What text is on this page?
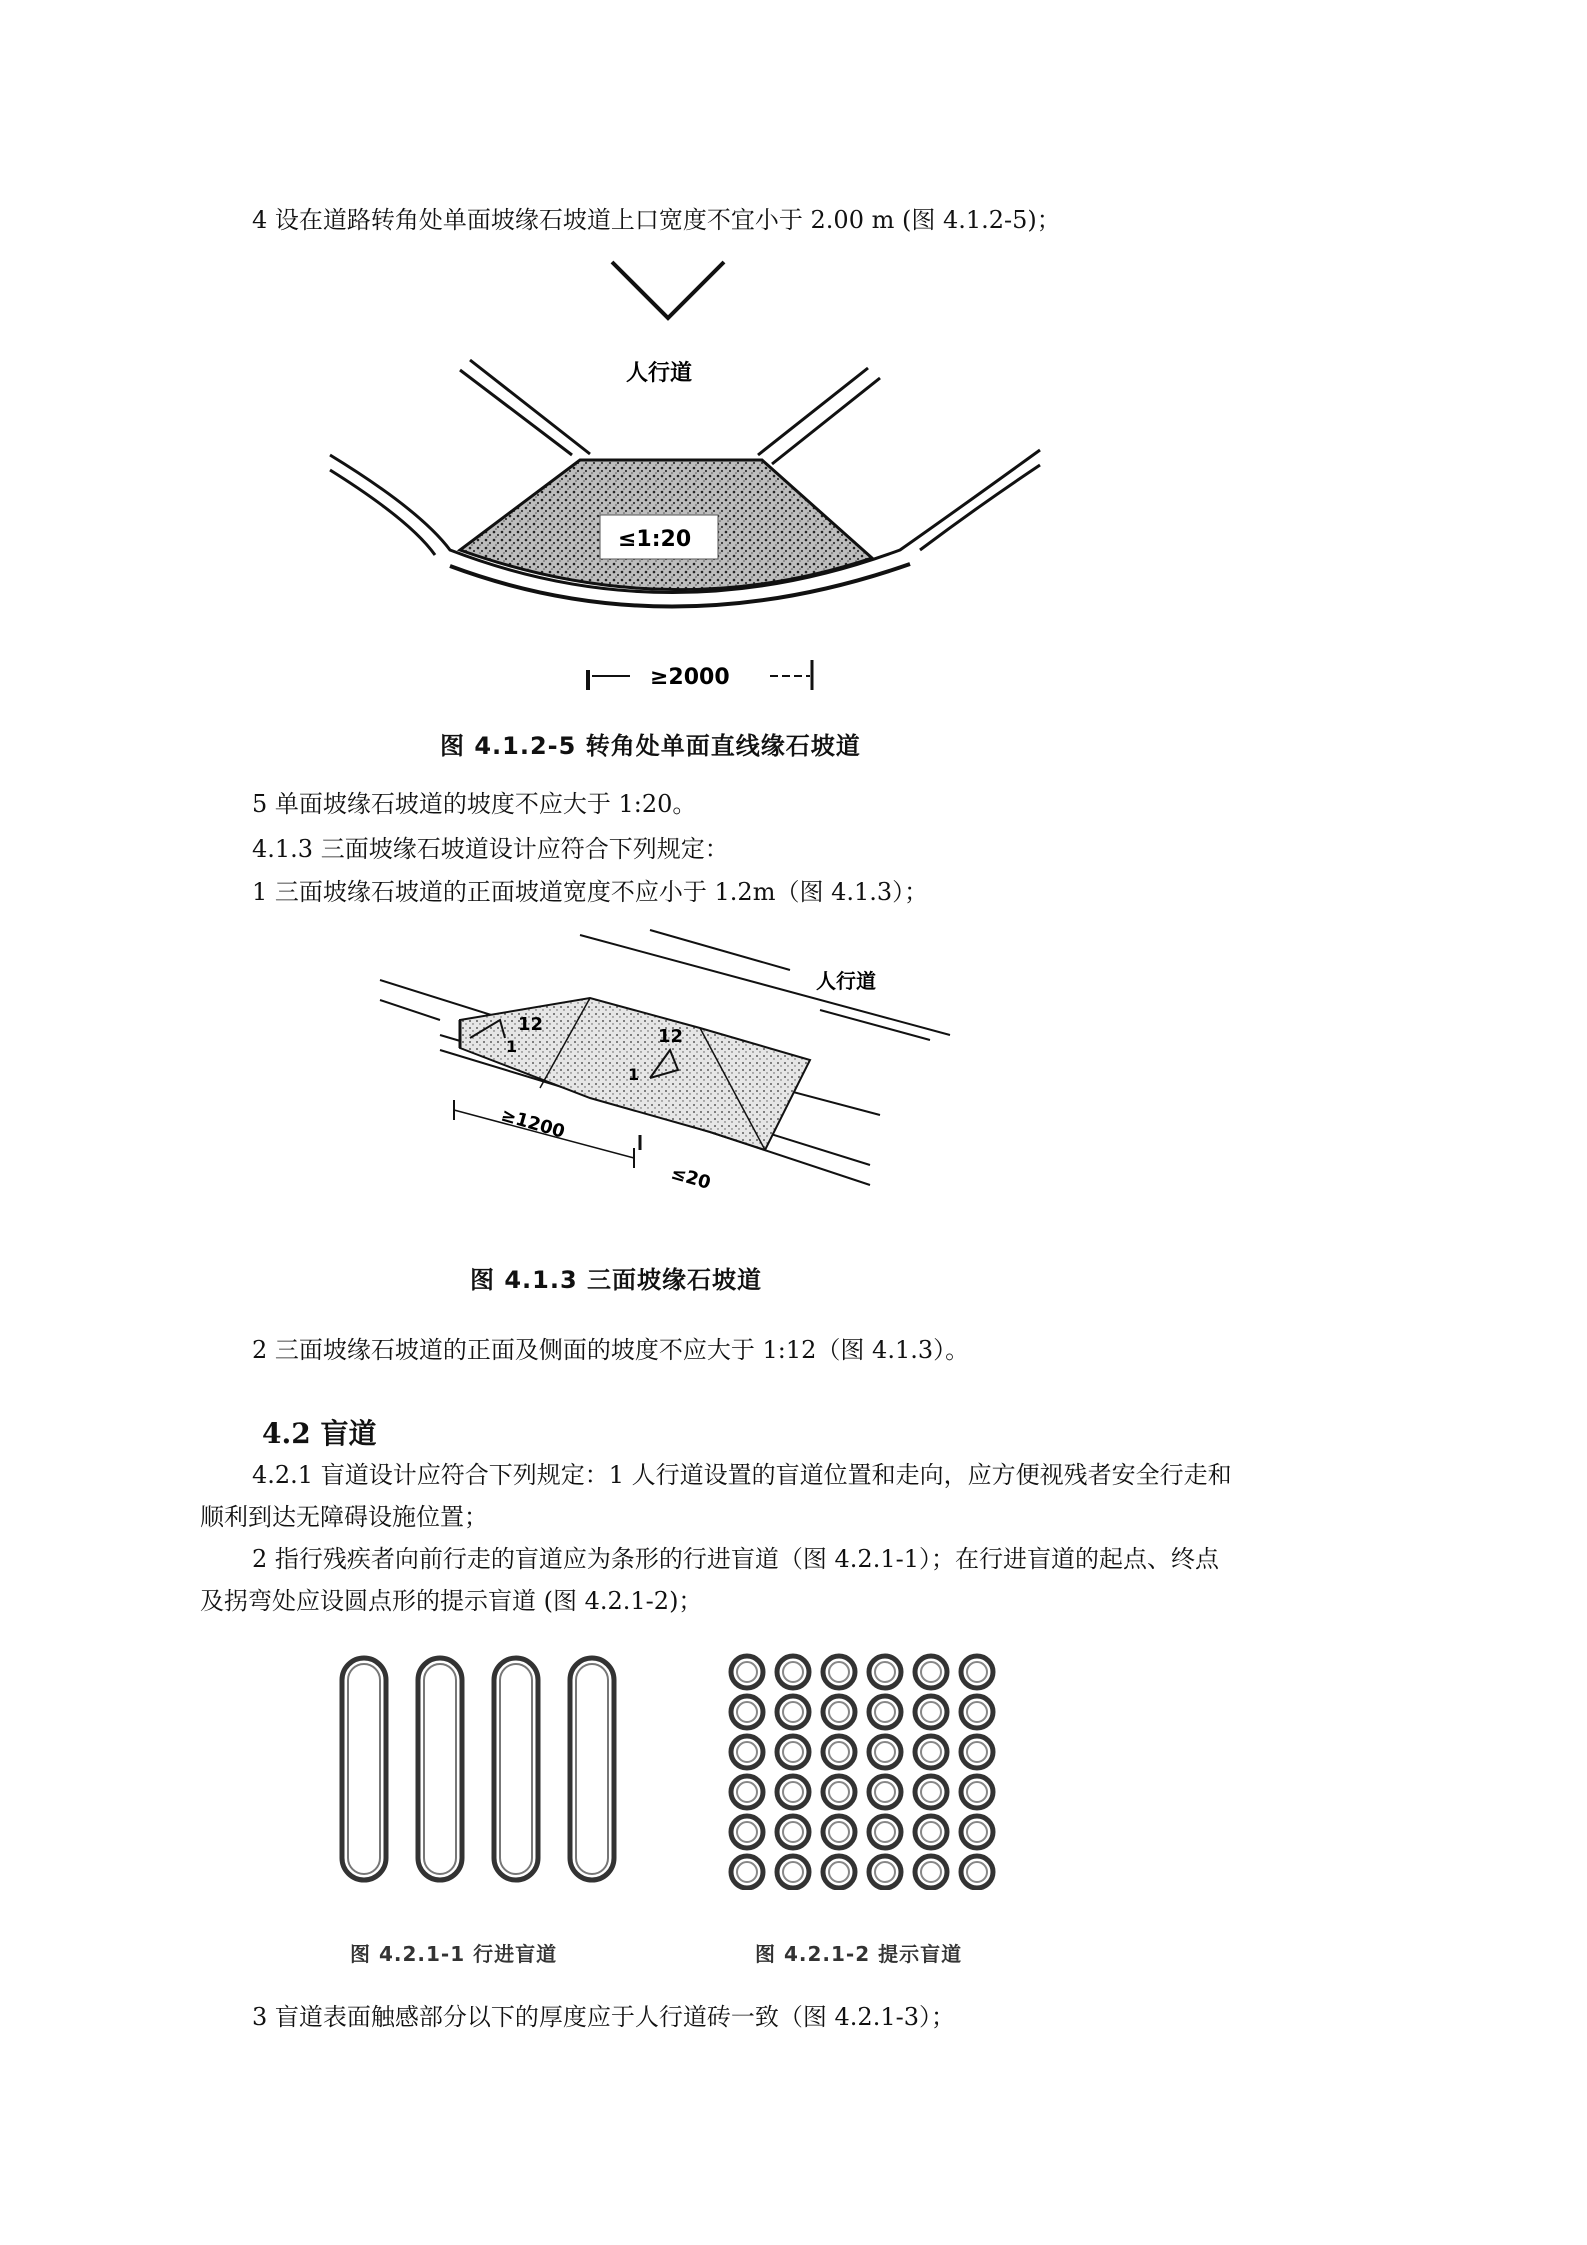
4 设在道路转角处单面坡缘石坡道上口宽度不宜小于 2.00 m (图 4.1.2-5)；
人行道
≤1:20
≥2000
图 4.1.2-5 转角处单面直线缘石坡道
5 单面坡缘石坡道的坡度不应大于 1:20。
4.1.3 三面坡缘石坡道设计应符合下列规定：
1 三面坡缘石坡道的正面坡道宽度不应小于 1.2m（图 4.1.3）；
12
1	12
1
人行道
≥1200
≤20
图 4.1.3 三面坡缘石坡道
2 三面坡缘石坡道的正面及侧面的坡度不应大于 1:12（图 4.1.3）。
4.2 盲道
4.2.1 盲道设计应符合下列规定：1 人行道设置的盲道位置和走向，应方便视残者安全行走和
顺利到达无障碍设施位置；
2 指行残疾者向前行走的盲道应为条形的行进盲道（图 4.2.1-1）；在行进盲道的起点、终点
及拐弯处应设圆点形的提示盲道 (图 4.2.1-2)；
图 4.2.1-1 行进盲道	图 4.2.1-2 提示盲道
3 盲道表面触感部分以下的厚度应于人行道砖一致（图 4.2.1-3）；
